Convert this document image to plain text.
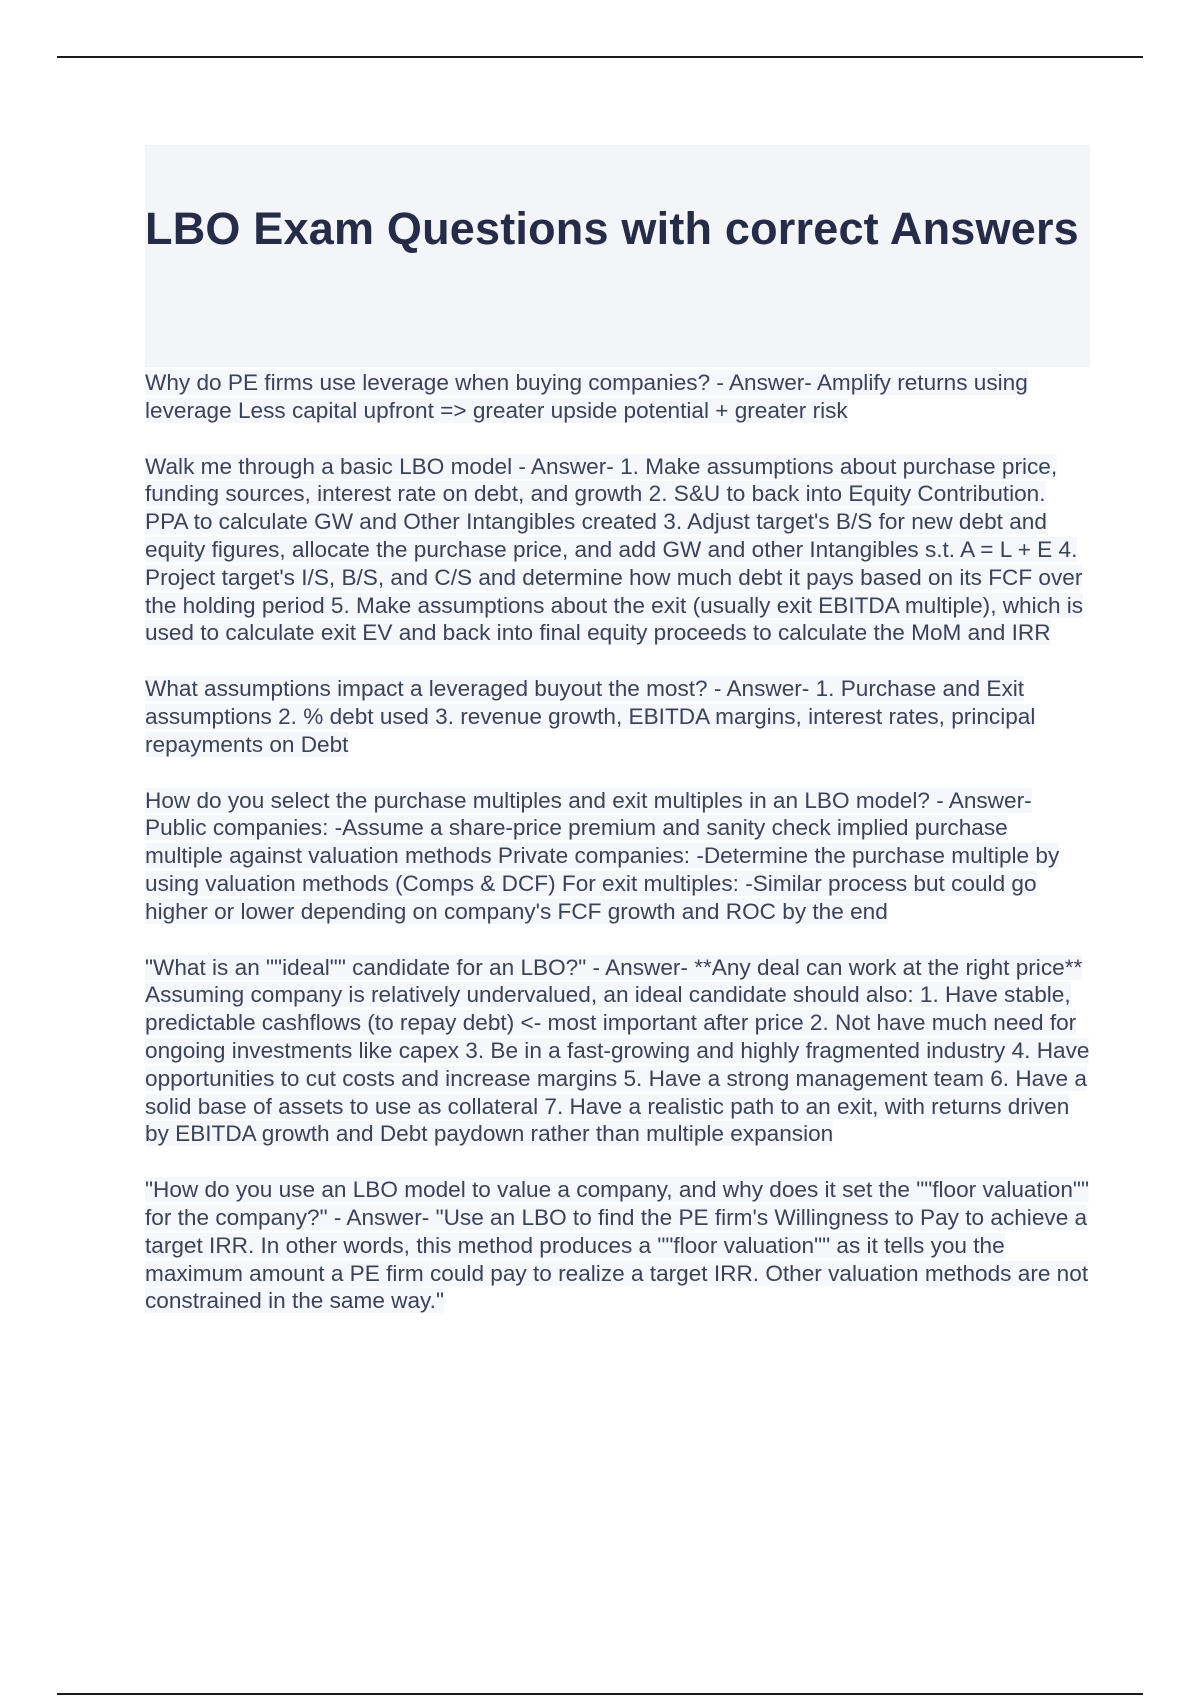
LBO Exam Questions with correct Answers

Why do PE firms use leverage when buying companies? - Answer- Amplify returns using leverage Less capital upfront => greater upside potential + greater risk

Walk me through a basic LBO model - Answer- 1. Make assumptions about purchase price, funding sources, interest rate on debt, and growth 2. S&U to back into Equity Contribution. PPA to calculate GW and Other Intangibles created 3. Adjust target's B/S for new debt and equity figures, allocate the purchase price, and add GW and other Intangibles s.t. A = L + E 4. Project target's I/S, B/S, and C/S and determine how much debt it pays based on its FCF over the holding period 5. Make assumptions about the exit (usually exit EBITDA multiple), which is used to calculate exit EV and back into final equity proceeds to calculate the MoM and IRR

What assumptions impact a leveraged buyout the most? - Answer- 1. Purchase and Exit assumptions 2. % debt used 3. revenue growth, EBITDA margins, interest rates, principal repayments on Debt

How do you select the purchase multiples and exit multiples in an LBO model? - Answer- Public companies: -Assume a share-price premium and sanity check implied purchase multiple against valuation methods Private companies: -Determine the purchase multiple by using valuation methods (Comps & DCF) For exit multiples: -Similar process but could go higher or lower depending on company's FCF growth and ROC by the end

"What is an ""ideal"" candidate for an LBO?" - Answer- **Any deal can work at the right price** Assuming company is relatively undervalued, an ideal candidate should also: 1. Have stable, predictable cashflows (to repay debt) <- most important after price 2. Not have much need for ongoing investments like capex 3. Be in a fast-growing and highly fragmented industry 4. Have opportunities to cut costs and increase margins 5. Have a strong management team 6. Have a solid base of assets to use as collateral 7. Have a realistic path to an exit, with returns driven by EBITDA growth and Debt paydown rather than multiple expansion

"How do you use an LBO model to value a company, and why does it set the ""floor valuation"" for the company?" - Answer- "Use an LBO to find the PE firm's Willingness to Pay to achieve a target IRR. In other words, this method produces a ""floor valuation"" as it tells you the maximum amount a PE firm could pay to realize a target IRR. Other valuation methods are not constrained in the same way."
